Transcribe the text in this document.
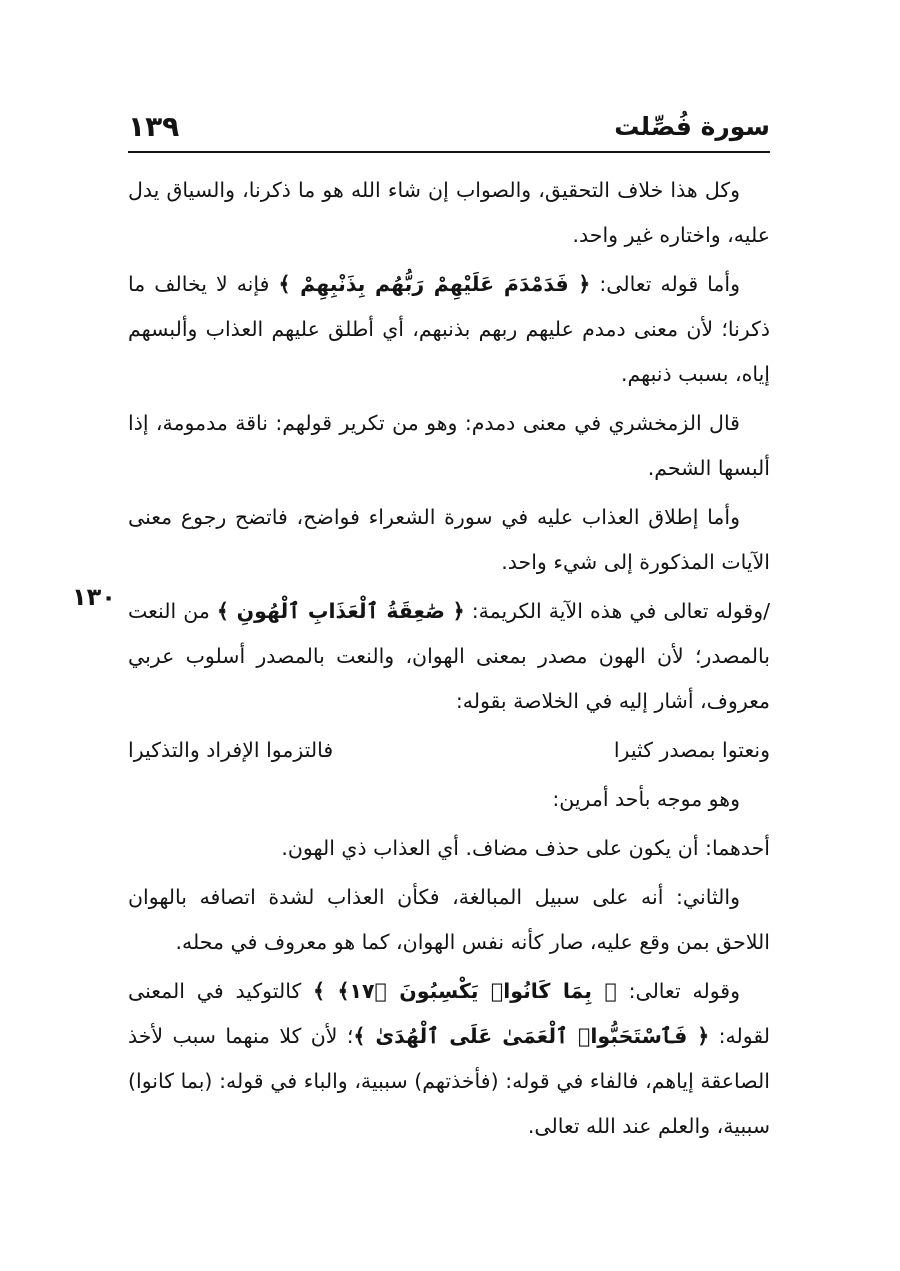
سورة فُصِّلت
١٣٩
١٣٠

وكل هذا خلاف التحقيق، والصواب إن شاء الله هو ما ذكرنا، والسياق يدل عليه، واختاره غير واحد.

وأما قوله تعالى: ﴿ فَدَمْدَمَ عَلَيْهِمْ رَبُّهُم بِذَنْبِهِمْ ﴾ فإنه لا يخالف ما ذكرنا؛ لأن معنى دمدم عليهم ربهم بذنبهم، أي أطلق عليهم العذاب وألبسهم إياه، بسبب ذنبهم.

قال الزمخشري في معنى دمدم: وهو من تكرير قولهم: ناقة مدمومة، إذا ألبسها الشحم.

وأما إطلاق العذاب عليه في سورة الشعراء فواضح، فاتضح رجوع معنى الآيات المذكورة إلى شيء واحد.

/وقوله تعالى في هذه الآية الكريمة: ﴿ صَٰعِقَةُ ٱلْعَذَابِ ٱلْهُونِ ﴾ من النعت بالمصدر؛ لأن الهون مصدر بمعنى الهوان، والنعت بالمصدر أسلوب عربي معروف، أشار إليه في الخلاصة بقوله:

ونعتوا بمصدر كثيرا
فالتزموا الإفراد والتذكيرا

وهو موجه بأحد أمرين:

أحدهما: أن يكون على حذف مضاف. أي العذاب ذي الهون.

والثاني: أنه على سبيل المبالغة، فكأن العذاب لشدة اتصافه بالهوان اللاحق بمن وقع عليه، صار كأنه نفس الهوان، كما هو معروف في محله.

وقوله تعالى: ﴿ بِمَا كَانُوا۟ يَكْسِبُونَ ﴿١٧﴾ ﴾ كالتوكيد في المعنى لقوله: ﴿ فَٱسْتَحَبُّوا۟ ٱلْعَمَىٰ عَلَى ٱلْهُدَىٰ ﴾؛ لأن كلا منهما سبب لأخذ الصاعقة إياهم، فالفاء في قوله: (فأخذتهم) سببية، والباء في قوله: (بما كانوا) سببية، والعلم عند الله تعالى.
